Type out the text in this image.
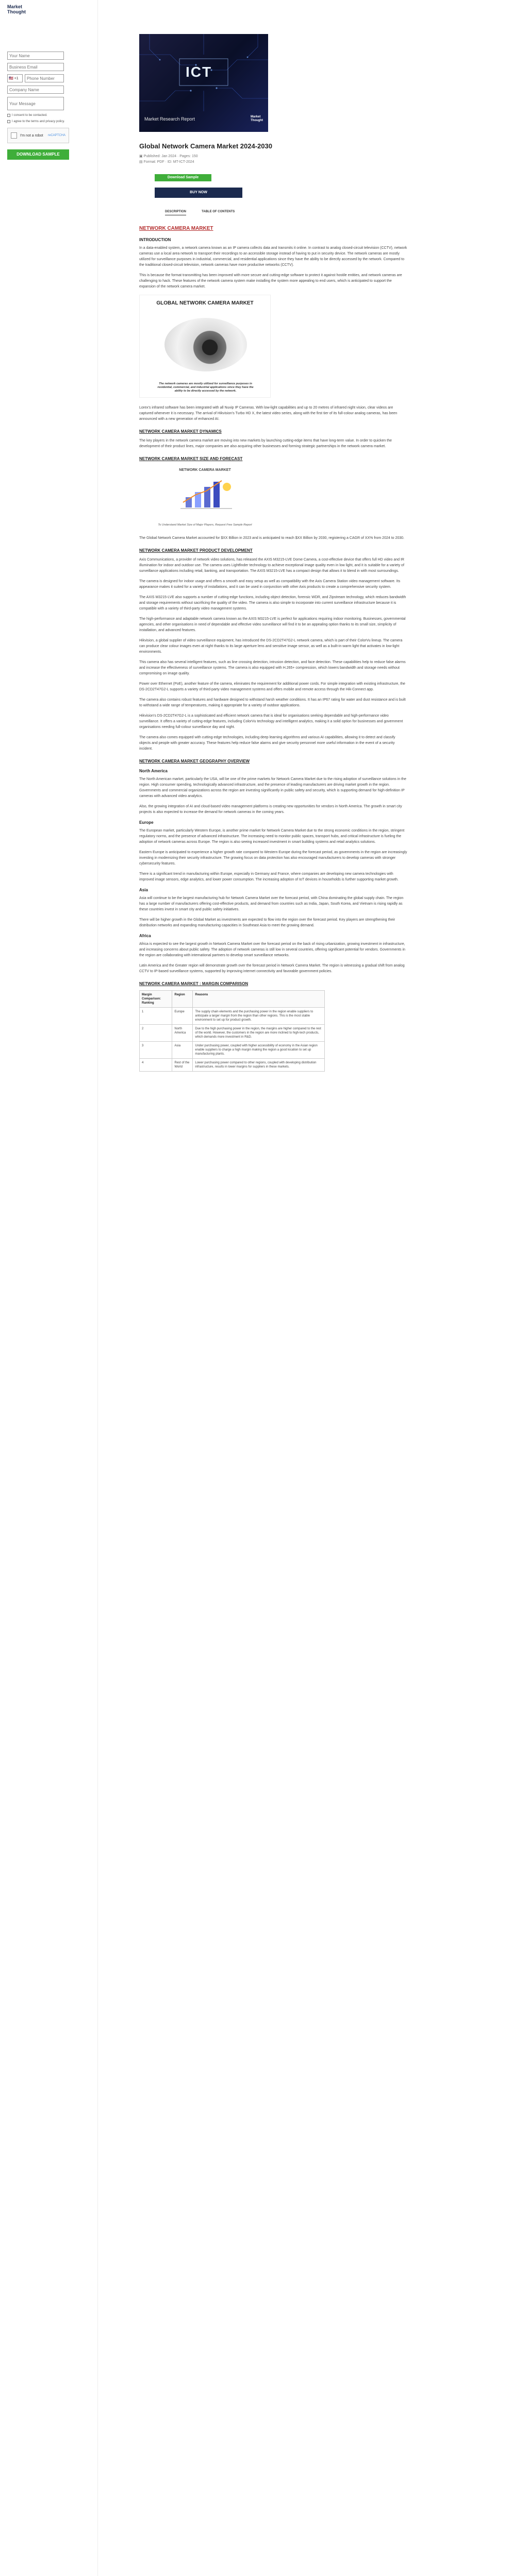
Market
Thought
Your Name
Business Email
🇺🇸 +1
Phone Number
Company Name
Your Message
I consent to be contacted.
I agree to the terms and privacy policy.
I'm not a robot reCAPTCHA
DOWNLOAD SAMPLE
ICT
Market Research Report	Market
Thought
Global Network Camera Market 2024-2030
▣ Published: Jan 2024 · Pages: 150
▤ Format: PDF · ID: MT-ICT-2024
Download Sample
BUY NOW
DESCRIPTION	TABLE OF CONTENTS
NETWORK CAMERA MARKET
INTRODUCTION

In a data-enabled system, a network camera known as an IP camera collects data and transmits it online. In contrast to analog closed-circuit television (CCTV), network cameras use a local area network to transport their recordings to an accessible storage instead of having to put in security device. The network cameras are mostly utilized for surveillance purposes in industrial, commercial, and residential applications since they have the ability to be directly accessed by the network. Compared to the traditional closed-circuit television, network cameras have more productive networks (CCTV).

This is because the format transmitting has been improved with more secure and cutting-edge software to protect it against hostile entities, and network cameras are challenging to hack. These features of the network camera system make installing the system more appealing to end users, which is anticipated to support the expansion of the network camera market.

GLOBAL NETWORK CAMERA MARKET
The network cameras are mostly utilized for surveillance purposes in residential, commercial, and industrial applications since they have the ability to be directly accessed by the network.

Lorex's infrared software has been integrated with all Nuvip IP Cameras. With low-light capabilities and up to 20 metres of infrared night vision, clear videos are captured whenever it is necessary. The arrival of Hikvision's Turbo HD X, the latest video series, along with the first tier of its full-colour analog cameras, has been announced with a new generation of enhanced AI.

NETWORK CAMERA MARKET DYNAMICS

The key players in the network camera market are moving into new markets by launching cutting-edge items that have long-term value. In order to quicken the development of their product lines, major companies are also acquiring other businesses and forming strategic partnerships in the network camera market.

NETWORK CAMERA MARKET SIZE AND FORECAST
NETWORK CAMERA MARKET
To Understand Market Size of Major Players, Request Free Sample Report

The Global Network Camera Market accounted for $XX Billion in 2023 and is anticipated to reach $XX Billion by 2030, registering a CAGR of XX% from 2024 to 2030.

NETWORK CAMERA MARKET PRODUCT DEVELOPMENT

Axis Communications, a provider of network video solutions, has released the AXIS M3215-LVE Dome Camera, a cost-effective device that offers full HD video and IR illumination for indoor and outdoor use. The camera uses Lightfinder technology to achieve exceptional image quality even in low light, and it is suitable for a variety of surveillance applications including retail, banking, and transportation. The AXIS M3215-LVE has a compact design that allows it to blend in with most surroundings.

The camera is designed for indoor usage and offers a smooth and easy setup as well as compatibility with the Axis Camera Station video management software. Its appearance makes it suited for a variety of installations, and it can be used in conjunction with other Axis products to create a comprehensive security system.

The AXIS M3215-LVE also supports a number of cutting-edge functions, including object detection, forensic WDR, and Zipstream technology, which reduces bandwidth and storage requirements without sacrificing the quality of the video. The camera is also simple to incorporate into current surveillance infrastructure because it is compatible with a variety of third-party video management systems.

The high-performance and adaptable network camera known as the AXIS M3215-LVE is perfect for applications requiring indoor monitoring. Businesses, governmental agencies, and other organisations in need of dependable and effective video surveillance will find it to be an appealing option thanks to its small size, simplicity of installation, and advanced features.

Hikvision, a global supplier of video surveillance equipment, has introduced the DS-2CD2T47G2-L network camera, which is part of their ColorVu lineup. The camera can produce clear colour images even at night thanks to its large aperture lens and sensitive image sensor, as well as a built-in warm light that activates in low-light environments.

This camera also has several intelligent features, such as line crossing detection, intrusion detection, and face detection. These capabilities help to reduce false alarms and increase the effectiveness of surveillance systems. The camera is also equipped with H.265+ compression, which lowers bandwidth and storage needs without compromising on image quality.

Power over Ethernet (PoE), another feature of the camera, eliminates the requirement for additional power cords. For simple integration with existing infrastructure, the DS-2CD2T47G2-L supports a variety of third-party video management systems and offers mobile and remote access through the Hik-Connect app.

The camera also contains robust features and hardware designed to withstand harsh weather conditions. It has an IP67 rating for water and dust resistance and is built to withstand a wide range of temperatures, making it appropriate for a variety of outdoor applications.

Hikvision's DS-2CD2T47G2-L is a sophisticated and efficient network camera that is ideal for organisations seeking dependable and high-performance video surveillance. It offers a variety of cutting-edge features, including ColorVu technology and intelligent analytics, making it a solid option for businesses and government organisations needing full-colour surveillance day and night.

The camera also comes equipped with cutting-edge technologies, including deep learning algorithms and various AI capabilities, allowing it to detect and classify objects and people with greater accuracy. These features help reduce false alarms and give security personnel more useful information in the event of a security incident.

NETWORK CAMERA MARKET GEOGRAPHY OVERVIEW
North America

The North American market, particularly the USA, will be one of the prime markets for Network Camera Market due to the rising adoption of surveillance solutions in the region. High consumer spending, technologically advanced infrastructure, and the presence of leading manufacturers are driving market growth in the region. Governments and commercial organizations across the region are investing significantly in public safety and security, which is supporting demand for high-definition IP cameras with advanced video analytics.

Also, the growing integration of AI and cloud-based video management platforms is creating new opportunities for vendors in North America. The growth in smart city projects is also expected to increase the demand for network cameras in the coming years.

Europe

The European market, particularly Western Europe, is another prime market for Network Camera Market due to the strong economic conditions in the region, stringent regulatory norms, and the presence of advanced infrastructure. The increasing need to monitor public spaces, transport hubs, and critical infrastructure is fueling the adoption of network cameras across Europe. The region is also seeing increased investment in smart building systems and retail analytics solutions.

Eastern Europe is anticipated to experience a higher growth rate compared to Western Europe during the forecast period, as governments in the region are increasingly investing in modernizing their security infrastructure. The growing focus on data protection has also encouraged manufacturers to develop cameras with stronger cybersecurity features.

There is a significant trend in manufacturing within Europe, especially in Germany and France, where companies are developing new camera technologies with improved image sensors, edge analytics, and lower power consumption. The increasing adoption of IoT devices in households is further supporting market growth.

Asia

Asia will continue to be the largest manufacturing hub for Network Camera Market over the forecast period, with China dominating the global supply chain. The region has a large number of manufacturers offering cost-effective products, and demand from countries such as India, Japan, South Korea, and Vietnam is rising rapidly as these countries invest in smart city and public safety initiatives.

There will be higher growth in the Global Market as investments are expected to flow into the region over the forecast period. Key players are strengthening their distribution networks and expanding manufacturing capacities in Southeast Asia to meet the growing demand.

Africa

Africa is expected to see the largest growth in Network Camera Market over the forecast period on the back of rising urbanization, growing investment in infrastructure, and increasing concerns about public safety. The adoption of network cameras is still low in several countries, offering significant potential for vendors. Governments in the region are collaborating with international partners to develop smart surveillance networks.

Latin America and the Greater region will demonstrate growth over the forecast period in Network Camera Market. The region is witnessing a gradual shift from analog CCTV to IP-based surveillance systems, supported by improving internet connectivity and favorable government policies.

NETWORK CAMERA MARKET : MARGIN COMPARISON
Margin Comparison: Ranking	Region	Reasons
1	Europe	The supply chain elements and the purchasing power in the region enable suppliers to anticipate a larger margin from the region than other regions. This is the most stable environment to set up for product growth.
2	North America	Due to the high purchasing power in the region, the margins are higher compared to the rest of the world. However, the customers in the region are more inclined to high-tech products, which demands more investment in R&D.
3	Asia	Under purchasing power, coupled with higher accessibility of economy in the Asian region enable suppliers to charge a high margin making the region a good location to set up manufacturing plants.
4	Rest of the World	Lower purchasing power compared to other regions, coupled with developing distribution infrastructure, results in lower margins for suppliers in these markets.
